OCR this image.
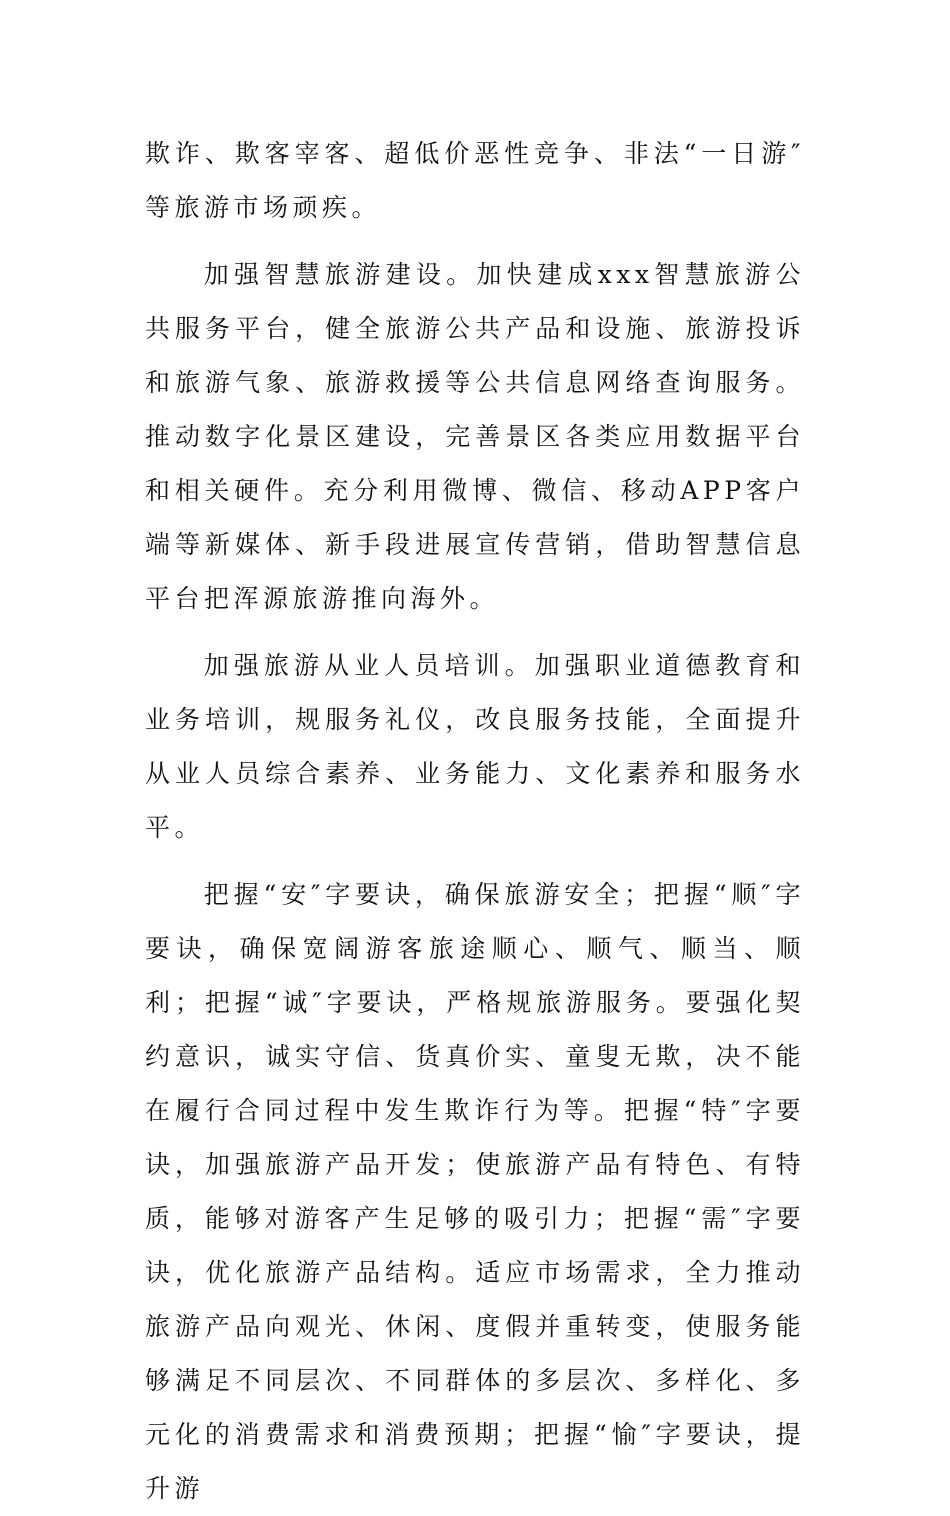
欺诈、欺客宰客、超低价恶性竞争、非法“一日游″等旅游市场顽疾。

加强智慧旅游建设。加快建成xxx智慧旅游公共服务平台，健全旅游公共产品和设施、旅游投诉和旅游气象、旅游救援等公共信息网络查询服务。推动数字化景区建设，完善景区各类应用数据平台和相关硬件。充分利用微博、微信、移动APP客户端等新媒体、新手段进展宣传营销，借助智慧信息平台把浑源旅游推向海外。

加强旅游从业人员培训。加强职业道德教育和业务培训，规服务礼仪，改良服务技能，全面提升从业人员综合素养、业务能力、文化素养和服务水平。

把握“安″字要诀，确保旅游安全；把握“顺″字要诀，确保宽阔游客旅途顺心、顺气、顺当、顺利；把握“诚″字要诀，严格规旅游服务。要强化契约意识，诚实守信、货真价实、童叟无欺，决不能在履行合同过程中发生欺诈行为等。把握“特″字要诀，加强旅游产品开发；使旅游产品有特色、有特质，能够对游客产生足够的吸引力；把握“需″字要诀，优化旅游产品结构。适应市场需求，全力推动旅游产品向观光、休闲、度假并重转变，使服务能够满足不同层次、不同群体的多层次、多样化、多元化的消费需求和消费预期；把握“愉″字要诀，提升游
